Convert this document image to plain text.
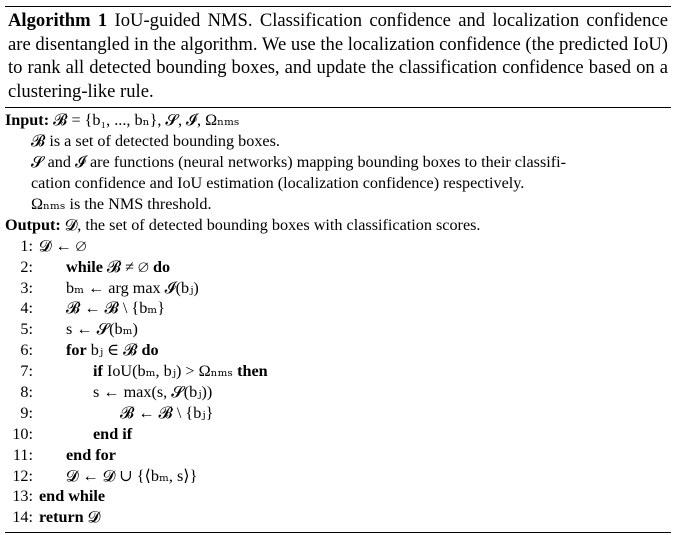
Algorithm 1 IoU-guided NMS. Classification confidence and localization confidence are disentangled in the algorithm. We use the localization confidence (the predicted IoU) to rank all detected bounding boxes, and update the classification confidence based on a clustering-like rule.
Input: 𝓑 = {b₁, ..., bₙ}, 𝓢, 𝓘, Ωₙₘₛ
𝓑 is a set of detected bounding boxes.
𝓢 and 𝓘 are functions (neural networks) mapping bounding boxes to their classifi-
cation confidence and IoU estimation (localization confidence) respectively.
Ωₙₘₛ is the NMS threshold.
Output: 𝓓, the set of detected bounding boxes with classification scores.
1: 𝓓 ← ∅
2: while 𝓑 ≠ ∅ do
3: bₘ ← arg max 𝓘(bⱼ)
4: 𝓑 ← 𝓑 \ {bₘ}
5: s ← 𝓢(bₘ)
6: for bⱼ ∈ 𝓑 do
7:	if IoU(bₘ, bⱼ) > Ωₙₘₛ then
8:	s ← max(s, 𝓢(bⱼ))
9:	𝓑 ← 𝓑 \ {bⱼ}
10:	end if
11: end for
12: 𝓓 ← 𝓓 ∪ {⟨bₘ, s⟩}
13: end while
14: return 𝓓
